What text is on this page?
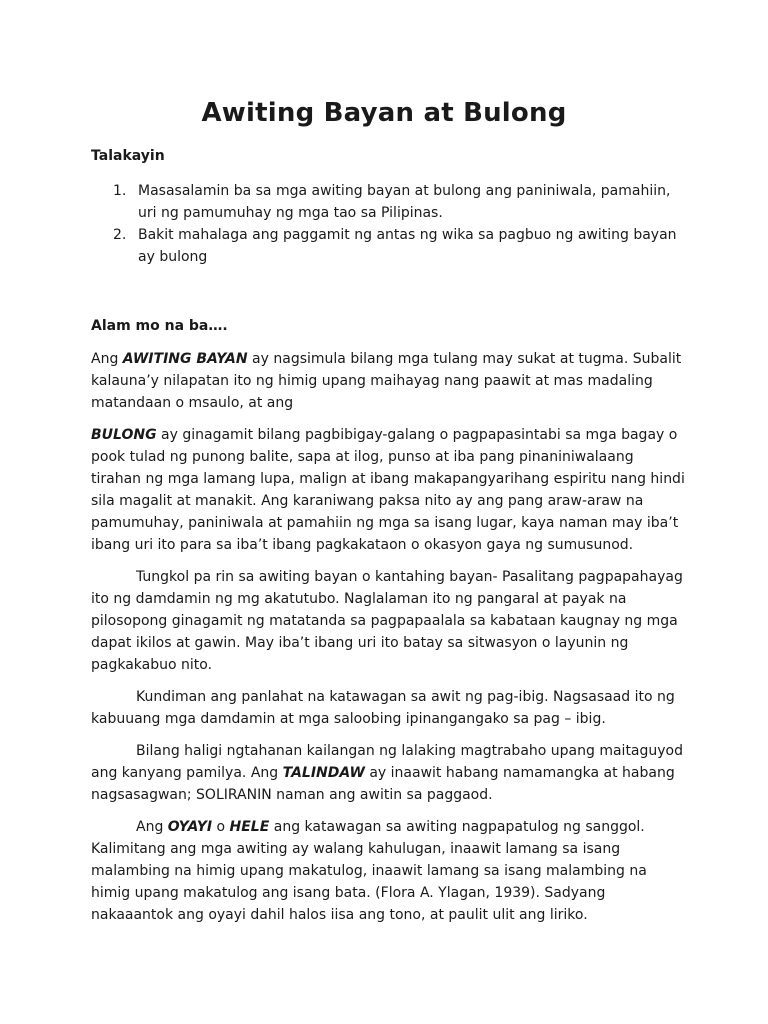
Awiting Bayan at Bulong

Talakayin

1. Masasalamin ba sa mga awiting bayan at bulong ang paniniwala, pamahiin, uri ng pamumuhay ng mga tao sa Pilipinas.
2. Bakit mahalaga ang paggamit ng antas ng wika sa pagbuo ng awiting bayan ay bulong

Alam mo na ba….

Ang AWITING BAYAN ay nagsimula bilang mga tulang may sukat at tugma. Subalit kalauna’y nilapatan ito ng himig upang maihayag nang paawit at mas madaling matandaan o msaulo, at ang

BULONG ay ginagamit bilang pagbibigay-galang o pagpapasintabi sa mga bagay o pook tulad ng punong balite, sapa at ilog, punso at iba pang pinaniniwalaang tirahan ng mga lamang lupa, malign at ibang makapangyarihang espiritu nang hindi sila magalit at manakit. Ang karaniwang paksa nito ay ang pang araw-araw na pamumuhay, paniniwala at pamahiin ng mga sa isang lugar, kaya naman may iba’t ibang uri ito para sa iba’t ibang pagkakataon o okasyon gaya ng sumusunod.

Tungkol pa rin sa awiting bayan o kantahing bayan- Pasalitang pagpapahayag ito ng damdamin ng mg akatutubo. Naglalaman ito ng pangaral at payak na pilosopong ginagamit ng matatanda sa pagpapaalala sa kabataan kaugnay ng mga dapat ikilos at gawin. May iba’t ibang uri ito batay sa sitwasyon o layunin ng pagkakabuo nito.

Kundiman ang panlahat na katawagan sa awit ng pag-ibig. Nagsasaad ito ng kabuuang mga damdamin at mga saloobing ipinangangako sa pag – ibig.

Bilang haligi ngtahanan kailangan ng lalaking magtrabaho upang maitaguyod ang kanyang pamilya. Ang TALINDAW ay inaawit habang namamangka at habang nagsasagwan; SOLIRANIN naman ang awitin sa paggaod.

Ang OYAYI o HELE ang katawagan sa awiting nagpapatulog ng sanggol. Kalimitang ang mga awiting ay walang kahulugan, inaawit lamang sa isang malambing na himig upang makatulog, inaawit lamang sa isang malambing na himig upang makatulog ang isang bata. (Flora A. Ylagan, 1939). Sadyang nakaaantok ang oyayi dahil halos iisa ang tono, at paulit ulit ang liriko.
